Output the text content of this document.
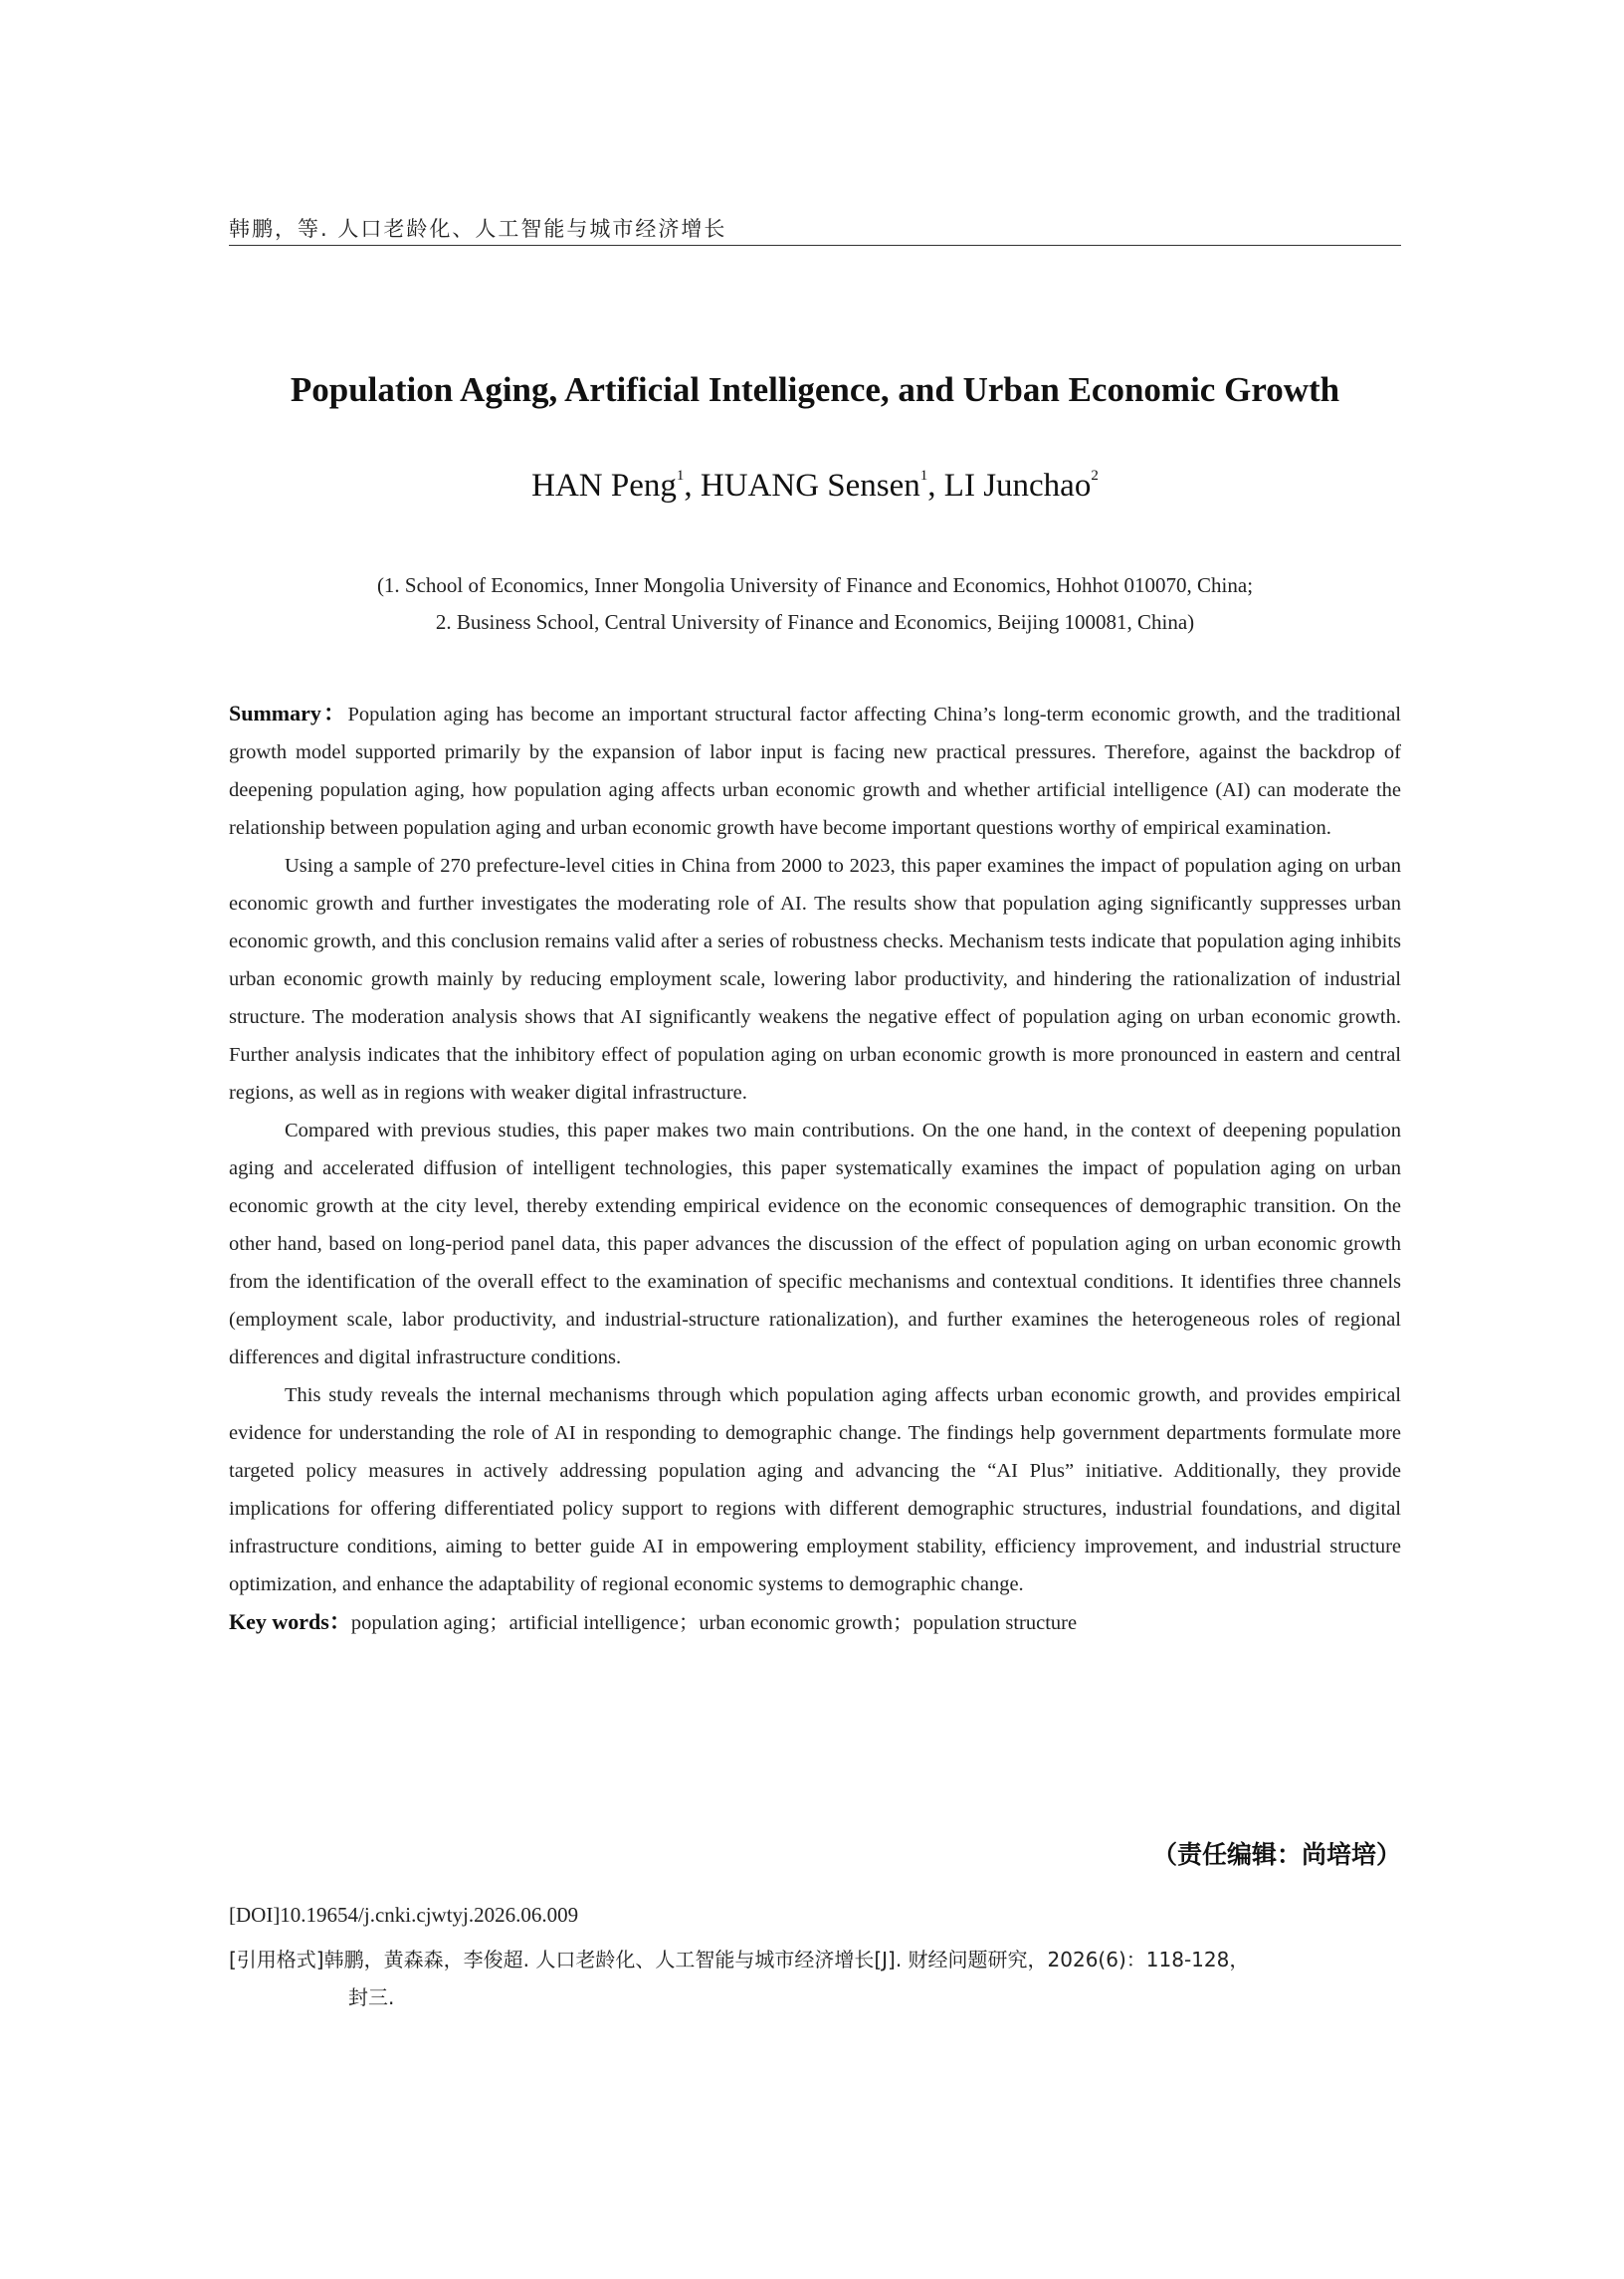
韩鹏，等. 人口老龄化、人工智能与城市经济增长
Population Aging, Artificial Intelligence, and Urban Economic Growth
HAN Peng$^1$, HUANG Sensen$^1$, LI Junchao$^2$
(1. School of Economics, Inner Mongolia University of Finance and Economics, Hohhot 010070, China;
2. Business School, Central University of Finance and Economics, Beijing 100081, China)

Summary：Population aging has become an important structural factor affecting China’s long-term economic growth, and the traditional growth model supported primarily by the expansion of labor input is facing new practical pressures. Therefore, against the backdrop of deepening population aging, how population aging affects urban economic growth and whether artificial intelligence (AI) can moderate the relationship between population aging and urban economic growth have become important questions worthy of empirical examination.

Using a sample of 270 prefecture-level cities in China from 2000 to 2023, this paper examines the impact of population aging on urban economic growth and further investigates the moderating role of AI. The results show that population aging significantly suppresses urban economic growth, and this conclusion remains valid after a series of robustness checks. Mechanism tests indicate that population aging inhibits urban economic growth mainly by reducing employment scale, lowering labor productivity, and hindering the rationalization of industrial structure. The moderation analysis shows that AI significantly weakens the negative effect of population aging on urban economic growth. Further analysis indicates that the inhibitory effect of population aging on urban economic growth is more pronounced in eastern and central regions, as well as in regions with weaker digital infrastructure.

Compared with previous studies, this paper makes two main contributions. On the one hand, in the context of deepening population aging and accelerated diffusion of intelligent technologies, this paper systematically examines the impact of population aging on urban economic growth at the city level, thereby extending empirical evidence on the economic consequences of demographic transition. On the other hand, based on long-period panel data, this paper advances the discussion of the effect of population aging on urban economic growth from the identification of the overall effect to the examination of specific mechanisms and contextual conditions. It identifies three channels (employment scale, labor productivity, and industrial-structure rationalization), and further examines the heterogeneous roles of regional differences and digital infrastructure conditions.

This study reveals the internal mechanisms through which population aging affects urban economic growth, and provides empirical evidence for understanding the role of AI in responding to demographic change. The findings help government departments formulate more targeted policy measures in actively addressing population aging and advancing the “AI Plus” initiative. Additionally, they provide implications for offering differentiated policy support to regions with different demographic structures, industrial foundations, and digital infrastructure conditions, aiming to better guide AI in empowering employment stability, efficiency improvement, and industrial structure optimization, and enhance the adaptability of regional economic systems to demographic change.

Key words：population aging；artificial intelligence；urban economic growth；population structure

（责任编辑：尚培培）
[DOI]10.19654/j.cnki.cjwtyj.2026.06.009
[引用格式]韩鹏，黄森森，李俊超. 人口老龄化、人工智能与城市经济增长[J]. 财经问题研究，2026(6)：118-128，
封三.
